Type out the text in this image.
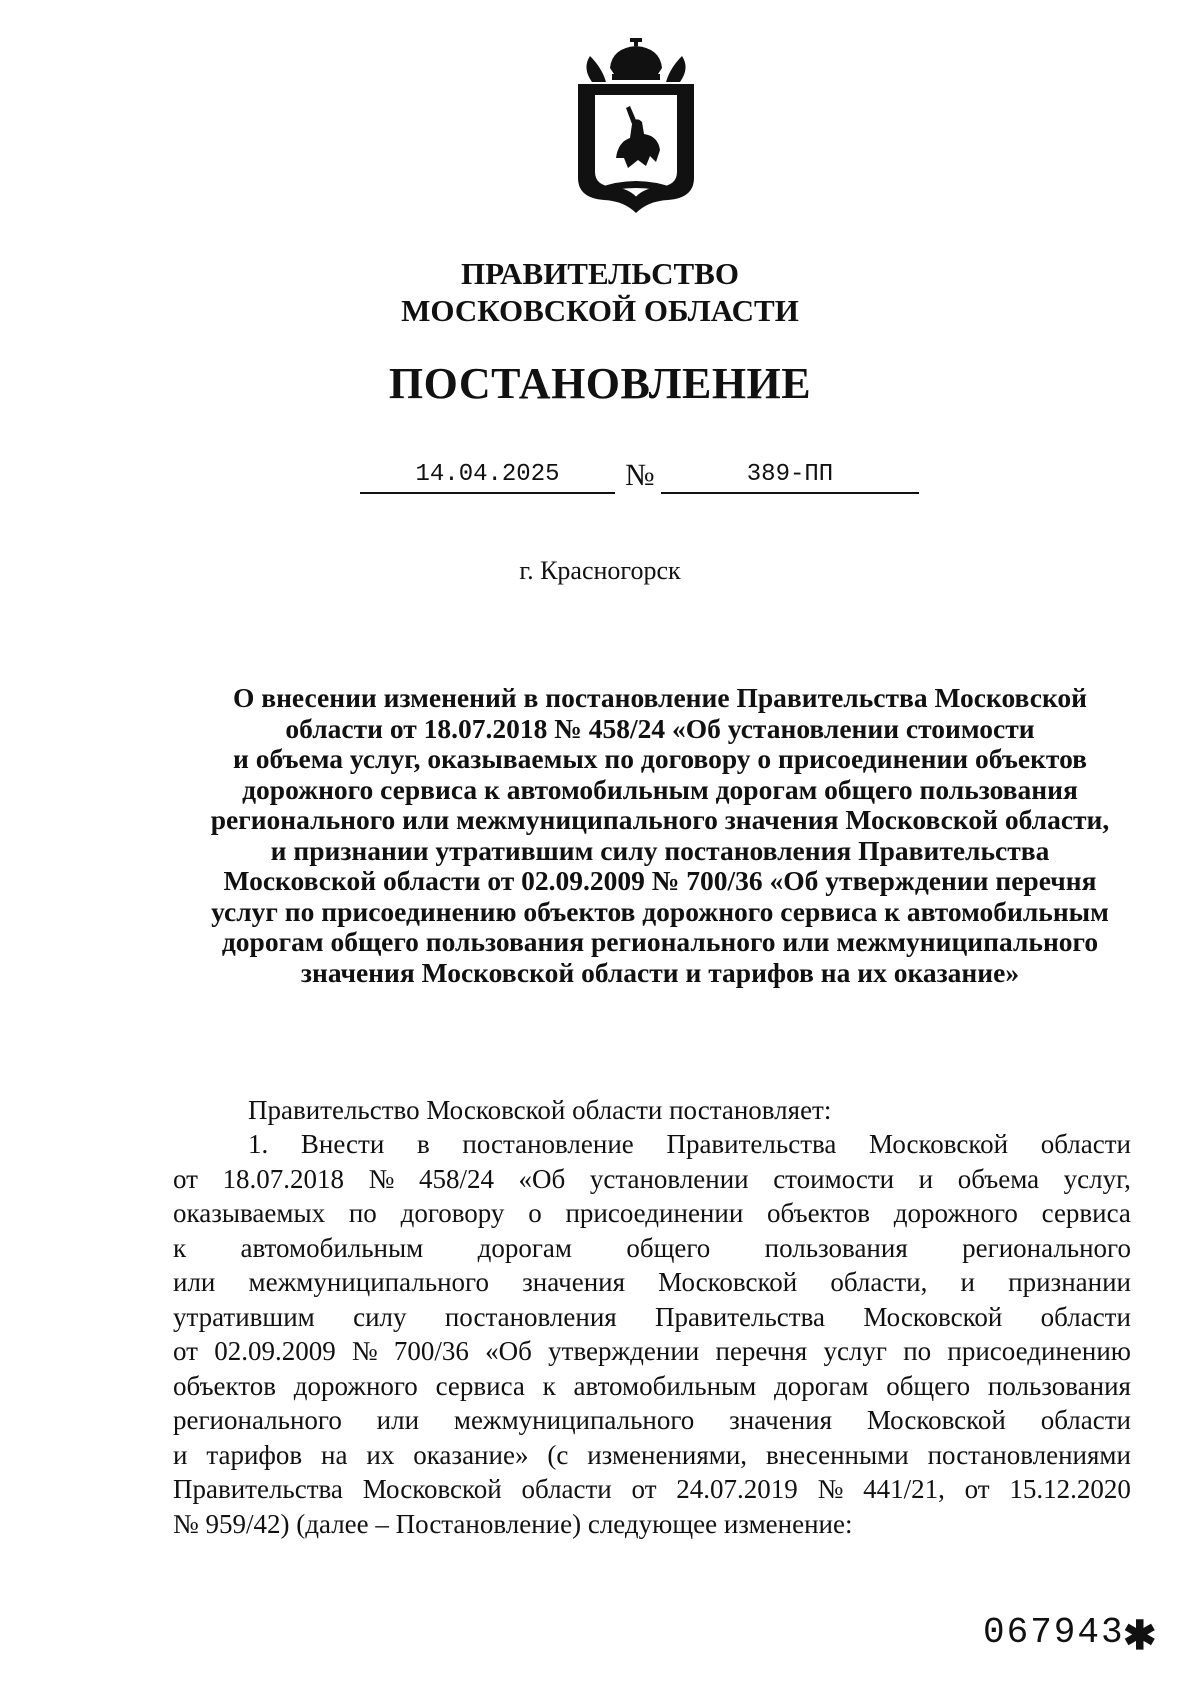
ПРАВИТЕЛЬСТВО
МОСКОВСКОЙ ОБЛАСТИ
ПОСТАНОВЛЕНИЕ
14.04.2025	№	389-ПП
г. Красногорск
О внесении изменений в постановление Правительства Московской
области от 18.07.2018 № 458/24 «Об установлении стоимости
и объема услуг, оказываемых по договору о присоединении объектов
дорожного сервиса к автомобильным дорогам общего пользования
регионального или межмуниципального значения Московской области,
и признании утратившим силу постановления Правительства
Московской области от 02.09.2009 № 700/36 «Об утверждении перечня
услуг по присоединению объектов дорожного сервиса к автомобильным
дорогам общего пользования регионального или межмуниципального
значения Московской области и тарифов на их оказание»
Правительство Московской области постановляет:
1. Внести в постановление Правительства Московской области
от 18.07.2018 № 458/24 «Об установлении стоимости и объема услуг,
оказываемых по договору о присоединении объектов дорожного сервиса
к автомобильным дорогам общего пользования регионального
или межмуниципального значения Московской области, и признании
утратившим силу постановления Правительства Московской области
от 02.09.2009 № 700/36 «Об утверждении перечня услуг по присоединению
объектов дорожного сервиса к автомобильным дорогам общего пользования
регионального или межмуниципального значения Московской области
и тарифов на их оказание» (с изменениями, внесенными постановлениями
Правительства Московской области от 24.07.2019 № 441/21, от 15.12.2020
№ 959/42) (далее – Постановление) следующее изменение:
067943
✱
